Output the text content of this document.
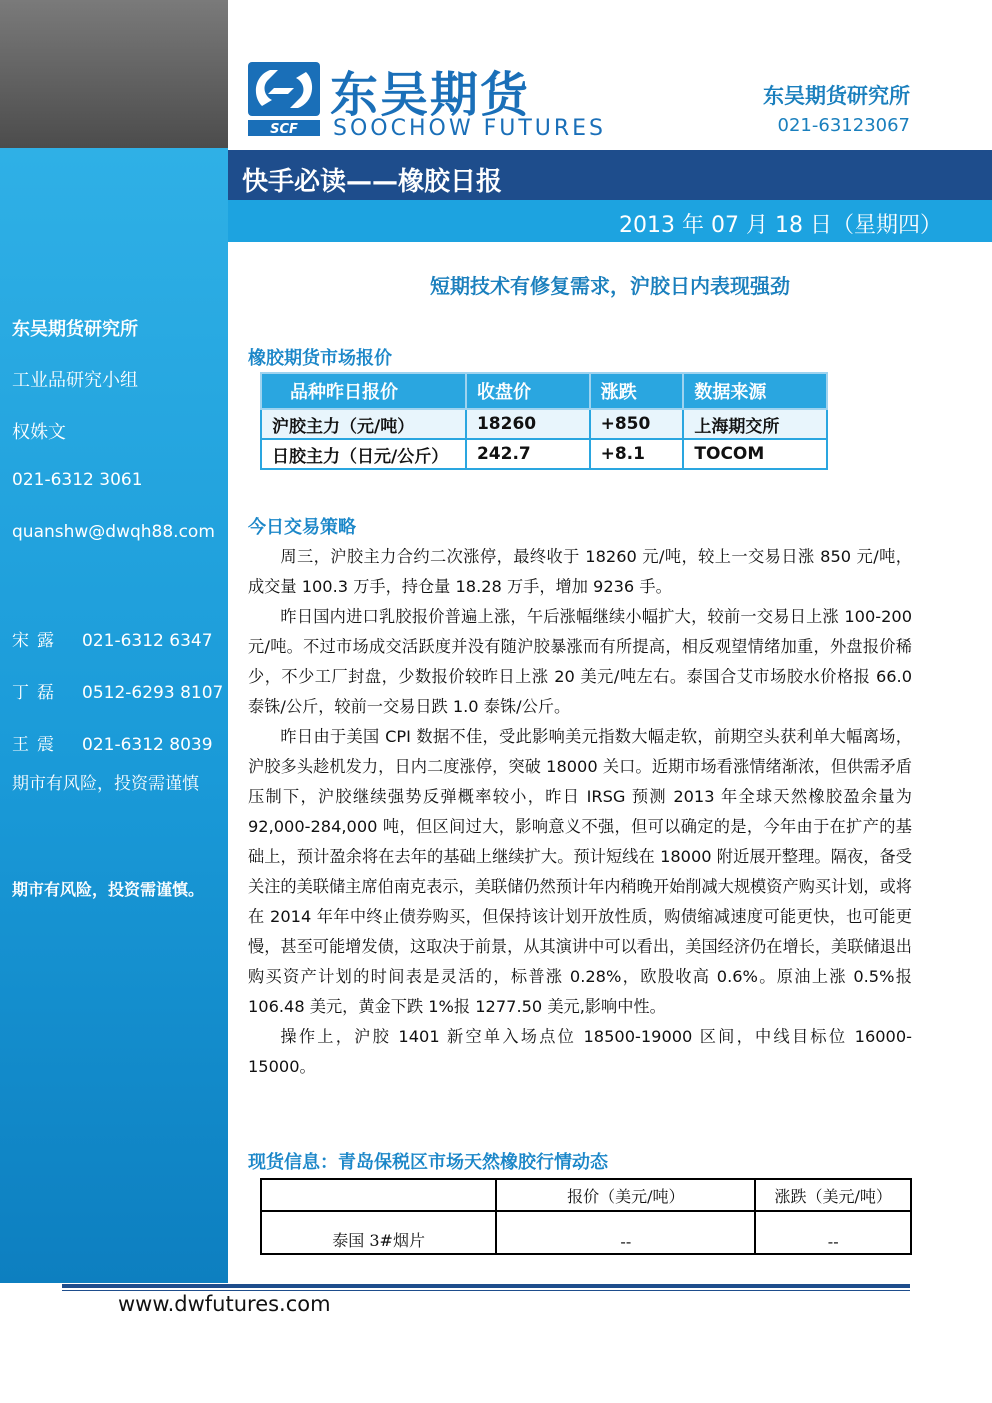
东吴期货研究所
工业品研究小组
权姝文
021-6312 3061
quanshw@dwqh88.com
宋露 021-6312 6347
丁磊 0512-6293 8107
王震 021-6312 8039
期市有风险，投资需谨慎
期市有风险，投资需谨慎。
SCF
东吴期货
SOOCHOW FUTURES
东吴期货研究所
021-63123067
快手必读——橡胶日报
2013 年 07 月 18 日（星期四）
短期技术有修复需求，沪胶日内表现强劲
橡胶期货市场报价
品种昨日报价	收盘价	涨跌	数据来源
沪胶主力（元/吨）	18260	+850	上海期交所
日胶主力（日元/公斤）	242.7	+8.1	TOCOM
今日交易策略

周三，沪胶主力合约二次涨停，最终收于 18260 元/吨，较上一交易日涨 850 元/吨，成交量 100.3 万手，持仓量 18.28 万手，增加 9236 手。

昨日国内进口乳胶报价普遍上涨，午后涨幅继续小幅扩大，较前一交易日上涨 100-200 元/吨。不过市场成交活跃度并没有随沪胶暴涨而有所提高，相反观望情绪加重，外盘报价稀少，不少工厂封盘，少数报价较昨日上涨 20 美元/吨左右。泰国合艾市场胶水价格报 66.0 泰铢/公斤，较前一交易日跌 1.0 泰铢/公斤。

昨日由于美国 CPI 数据不佳，受此影响美元指数大幅走软，前期空头获利单大幅离场，沪胶多头趁机发力，日内二度涨停，突破 18000 关口。近期市场看涨情绪渐浓，但供需矛盾压制下，沪胶继续强势反弹概率较小，昨日 IRSG 预测 2013 年全球天然橡胶盈余量为 92,000-284,000 吨，但区间过大，影响意义不强，但可以确定的是，今年由于在扩产的基础上，预计盈余将在去年的基础上继续扩大。预计短线在 18000 附近展开整理。隔夜，备受关注的美联储主席伯南克表示，美联储仍然预计年内稍晚开始削减大规模资产购买计划，或将在 2014 年年中终止债券购买，但保持该计划开放性质，购债缩减速度可能更快，也可能更慢，甚至可能增发债，这取决于前景，从其演讲中可以看出，美国经济仍在增长，美联储退出购买资产计划的时间表是灵活的，标普涨 0.28%，欧股收高 0.6%。原油上涨 0.5%报 106.48 美元，黄金下跌 1%报 1277.50 美元,影响中性。

操作上，沪胶 1401 新空单入场点位 18500-19000 区间，中线目标位 16000-15000。

现货信息：青岛保税区市场天然橡胶行情动态
	报价（美元/吨）	涨跌（美元/吨）
泰国 3#烟片	--	--
www.dwfutures.com
